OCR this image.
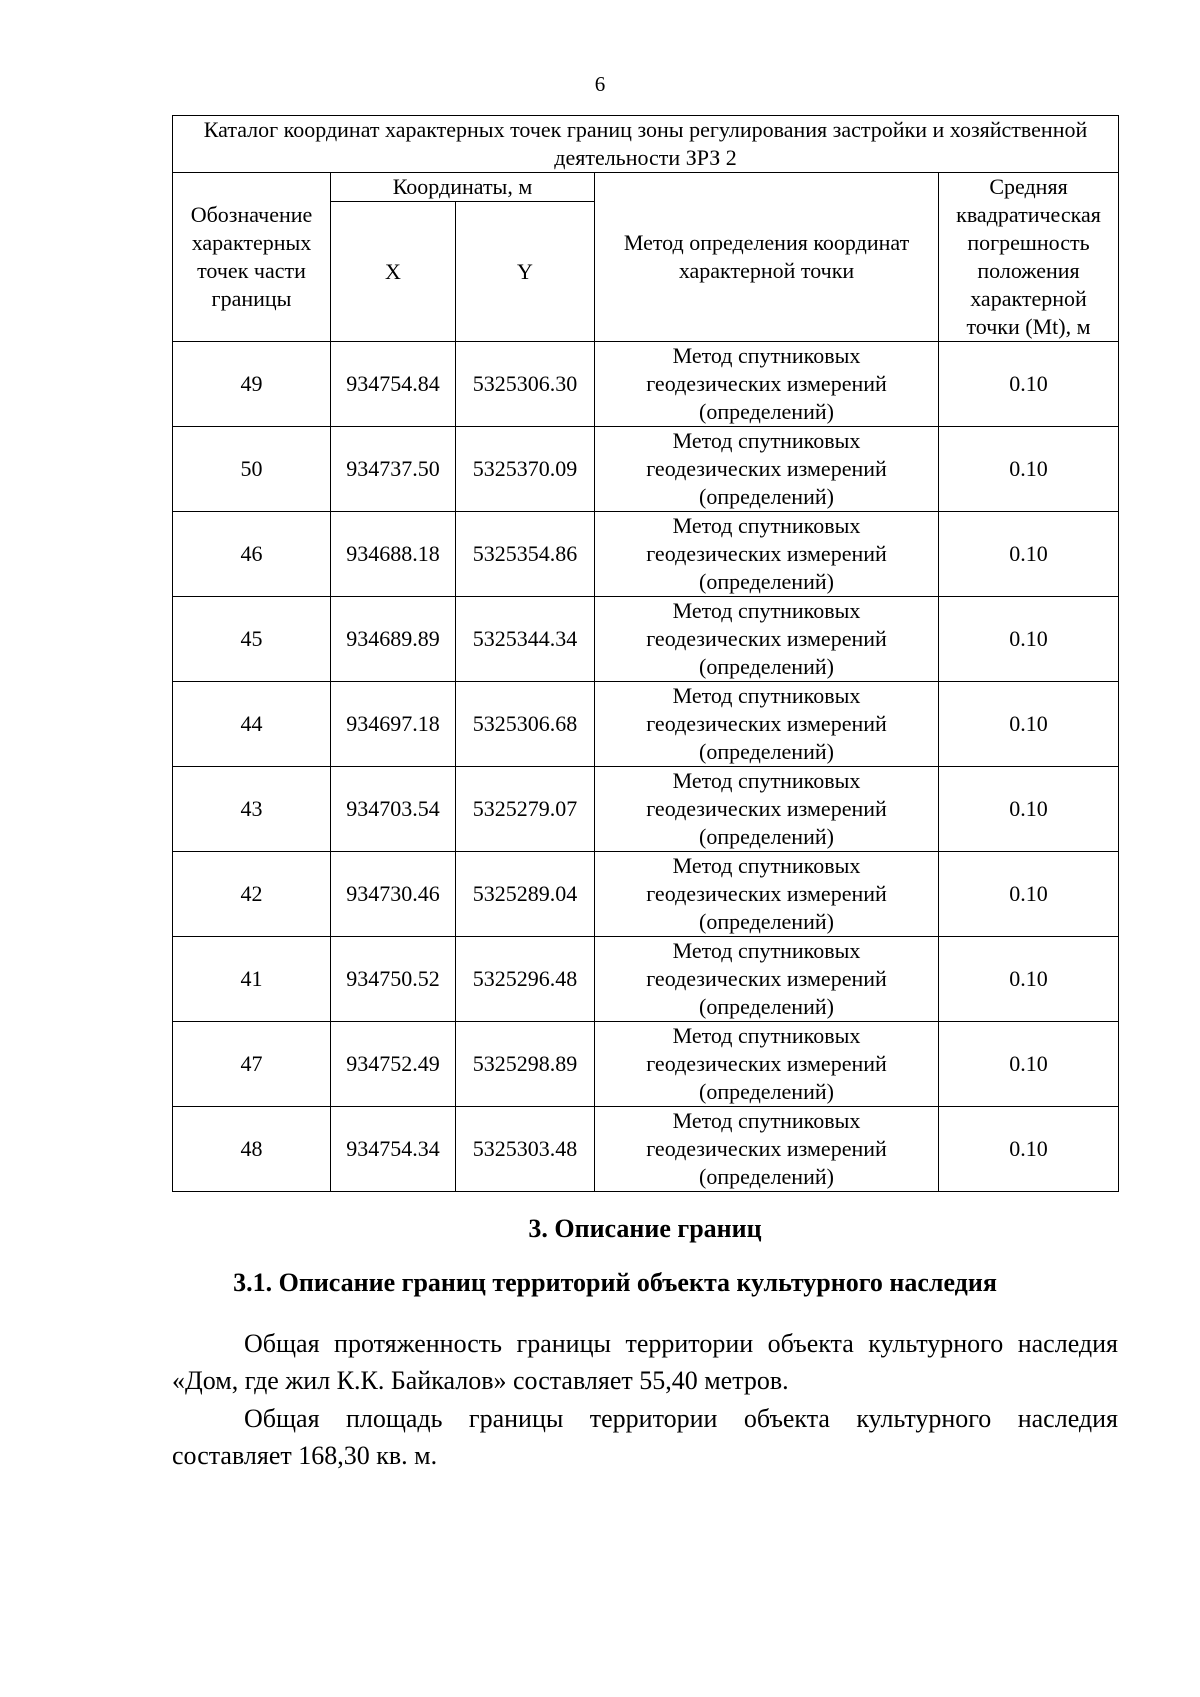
6
Каталог координат характерных точек границ зоны регулирования застройки и хозяйственной деятельности ЗРЗ 2				
Обозначение характерных точек части границы	Координаты, м		Метод определения координат характерной точки	Средняя квадратическая погрешность положения характерной точки (Mt), м
	X	Y		
49	934754.84	5325306.30	Метод спутниковых геодезических измерений (определений)	0.10
50	934737.50	5325370.09	Метод спутниковых геодезических измерений (определений)	0.10
46	934688.18	5325354.86	Метод спутниковых геодезических измерений (определений)	0.10
45	934689.89	5325344.34	Метод спутниковых геодезических измерений (определений)	0.10
44	934697.18	5325306.68	Метод спутниковых геодезических измерений (определений)	0.10
43	934703.54	5325279.07	Метод спутниковых геодезических измерений (определений)	0.10
42	934730.46	5325289.04	Метод спутниковых геодезических измерений (определений)	0.10
41	934750.52	5325296.48	Метод спутниковых геодезических измерений (определений)	0.10
47	934752.49	5325298.89	Метод спутниковых геодезических измерений (определений)	0.10
48	934754.34	5325303.48	Метод спутниковых геодезических измерений (определений)	0.10
3. Описание границ
3.1. Описание границ территорий объекта культурного наследия
Общая протяженность границы территории объекта культурного наследия «Дом, где жил К.К. Байкалов» составляет 55,40 метров.
Общая площадь границы территории объекта культурного наследия составляет 168,30 кв. м.
